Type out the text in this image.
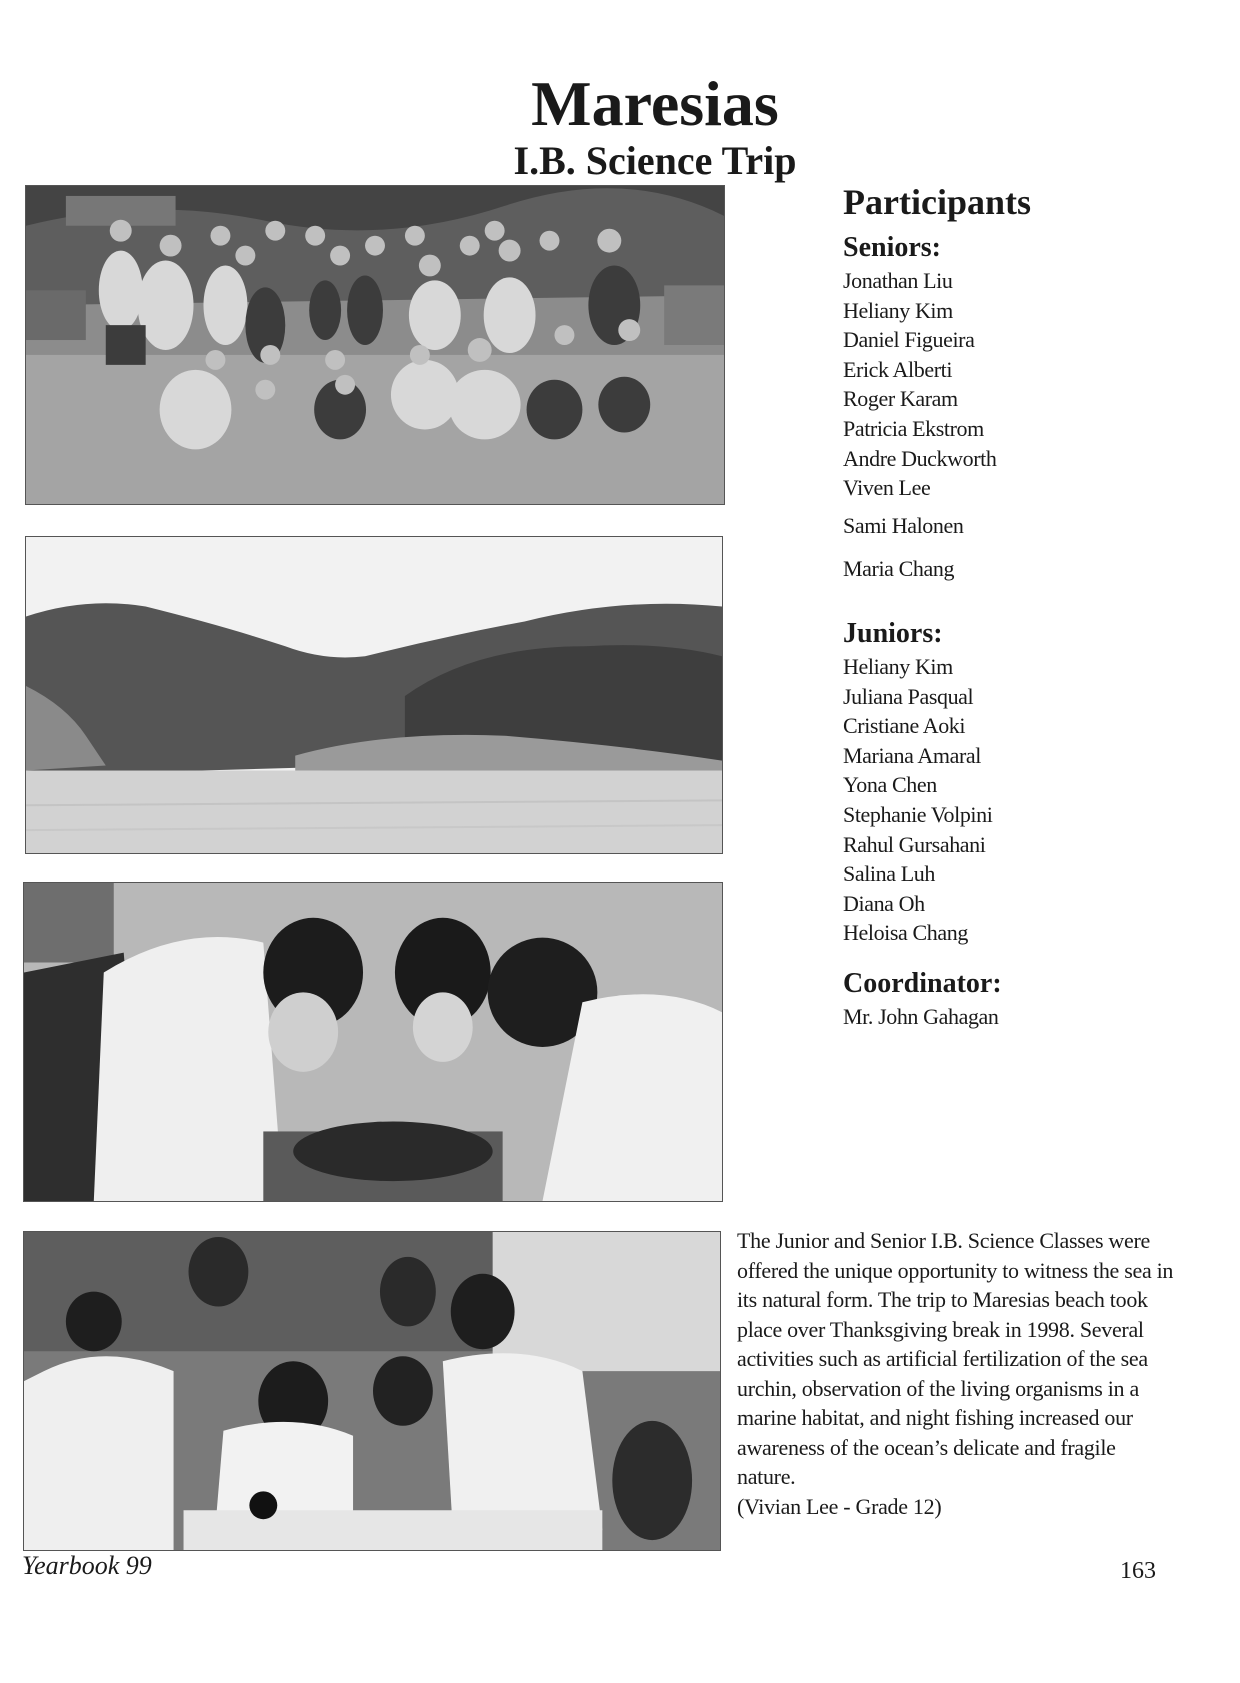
Maresias
I.B. Science Trip
Participants
Seniors:
Jonathan Liu
Heliany Kim
Daniel Figueira
Erick Alberti
Roger Karam
Patricia Ekstrom
Andre Duckworth
Viven Lee
Sami Halonen
Maria Chang
Juniors:
Heliany Kim
Juliana Pasqual
Cristiane Aoki
Mariana Amaral
Yona Chen
Stephanie Volpini
Rahul Gursahani
Salina Luh
Diana Oh
Heloisa Chang
Coordinator:
Mr. John Gahagan

The Junior and Senior I.B. Science Classes were offered the unique opportunity to witness the sea in its natural form. The trip to Maresias beach took place over Thanksgiving break in 1998. Several activities such as artificial fertilization of the sea urchin, observation of the living organisms in a marine habitat, and night fishing increased our awareness of the ocean’s delicate and fragile nature.

(Vivian Lee - Grade 12)

Yearbook 99	163
